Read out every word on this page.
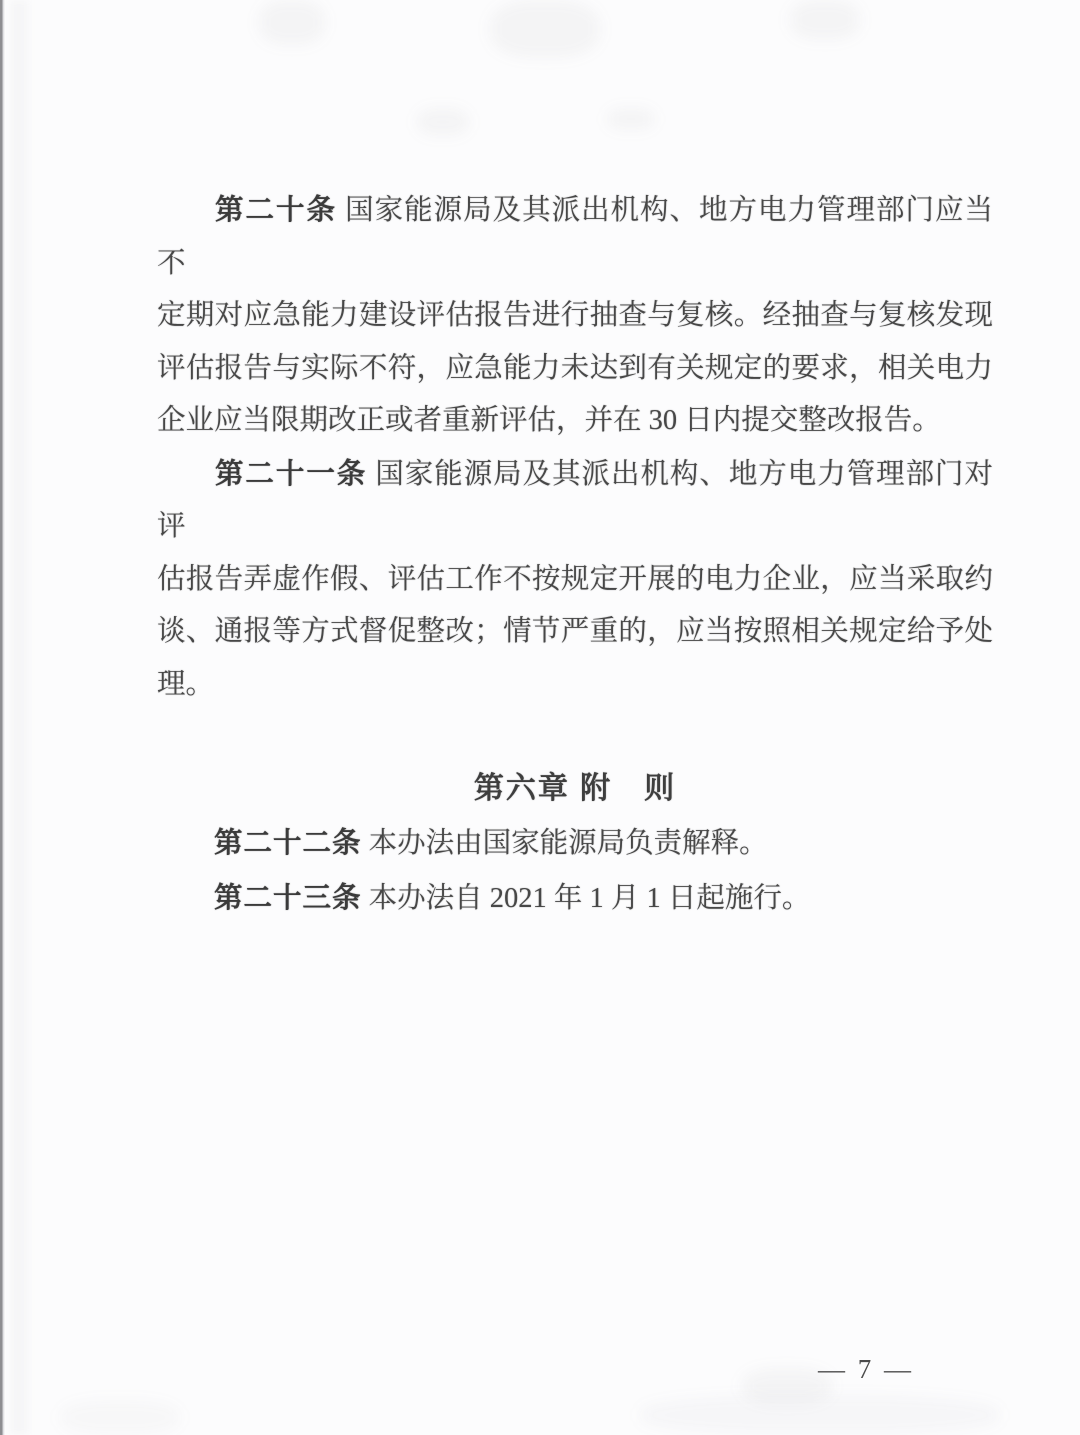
第二十条 国家能源局及其派出机构、地方电力管理部门应当不
定期对应急能力建设评估报告进行抽查与复核。经抽查与复核发现
评估报告与实际不符，应急能力未达到有关规定的要求，相关电力
企业应当限期改正或者重新评估，并在 30 日内提交整改报告。
第二十一条 国家能源局及其派出机构、地方电力管理部门对评
估报告弄虚作假、评估工作不按规定开展的电力企业，应当采取约
谈、通报等方式督促整改；情节严重的，应当按照相关规定给予处
理。
第六章 附　则
第二十二条 本办法由国家能源局负责解释。
第二十三条 本办法自 2021 年 1 月 1 日起施行。
— 7 —
